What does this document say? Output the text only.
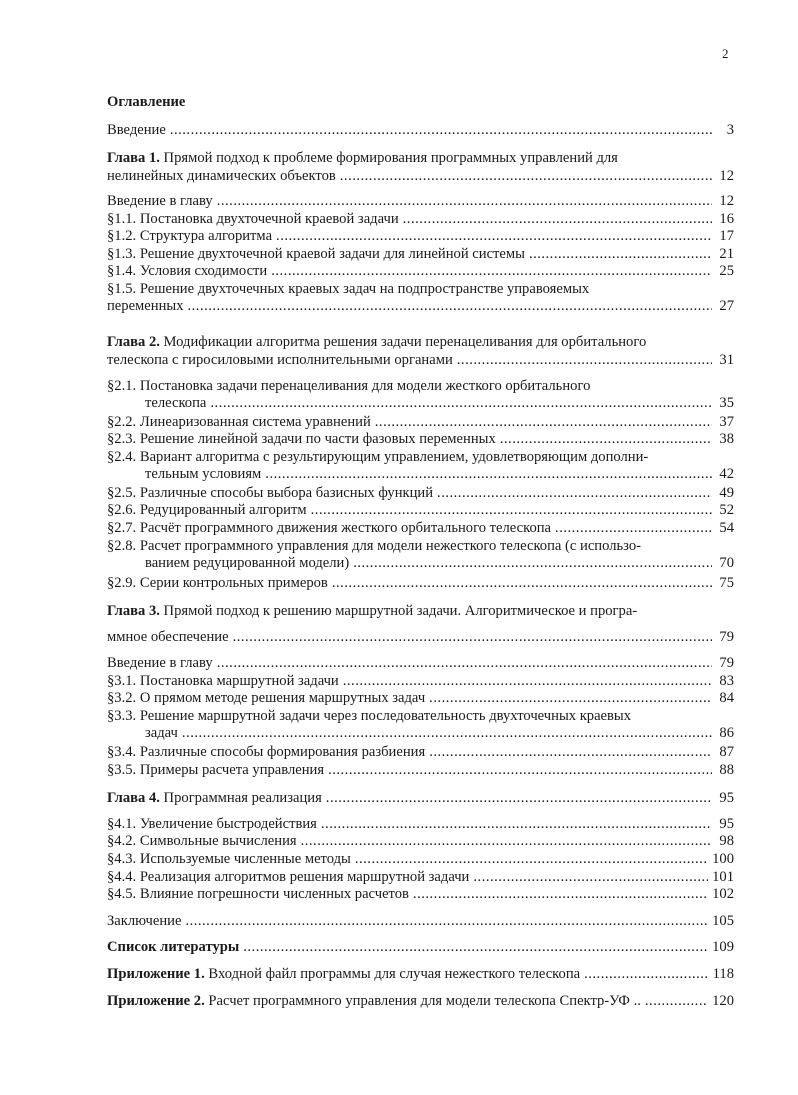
2
Оглавление
Введение .....	3
Глава 1. Прямой подход к проблеме формирования программных управлений для
нелинейных динамических объектов .....	12
Введение в главу .....	12
§1.1. Постановка двухточечной краевой задачи .....	16
§1.2. Структура алгоритма .....	17
§1.3. Решение двухточечной краевой задачи для линейной системы .....	21
§1.4. Условия сходимости .....	25
§1.5. Решение двухточечных краевых задач на подпространстве управояемых
переменных .....	27
Глава 2. Модификации алгоритма решения задачи перенацеливания для орбитального
телескопа с гиросиловыми исполнительными органами .....	31
§2.1. Постановка задачи перенацеливания для модели жесткого орбитального
телескопа .....	35
§2.2. Линеаризованная система уравнений .....	37
§2.3. Решение линейной задачи по части фазовых переменных .....	38
§2.4. Вариант алгоритма с результирующим управлением, удовлетворяющим дополни-
тельным условиям .....	42
§2.5. Различные способы выбора базисных функций .....	49
§2.6. Редуцированный алгоритм .....	52
§2.7. Расчёт программного движения жесткого орбитального телескопа .....	54
§2.8. Расчет программного управления для модели нежесткого телескопа (с использо-
ванием редуцированной модели) .....	70
§2.9. Серии контрольных примеров .....	75
Глава 3. Прямой подход к решению маршрутной задачи. Алгоритмическое и програ-
ммное обеспечение .....	79
Введение в главу .....	79
§3.1. Постановка маршрутной задачи .....	83
§3.2. О прямом методе решения маршрутных задач .....	84
§3.3. Решение маршрутной задачи через последовательность двухточечных краевых
задач .....	86
§3.4. Различные способы формирования разбиения .....	87
§3.5. Примеры расчета управления .....	88
Глава 4. Программная реализация .....	95
§4.1. Увеличение быстродействия .....	95
§4.2. Символьные вычисления .....	98
§4.3. Используемые численные методы .....	100
§4.4. Реализация алгоритмов решения маршрутной задачи .....	101
§4.5. Влияние погрешности численных расчетов .....	102
Заключение .....	105
Список литературы .....	109
Приложение 1. Входной файл программы для случая нежесткого телескопа .....	118
Приложение 2. Расчет программного управления для модели телескопа Спектр-УФ .. .....	120
